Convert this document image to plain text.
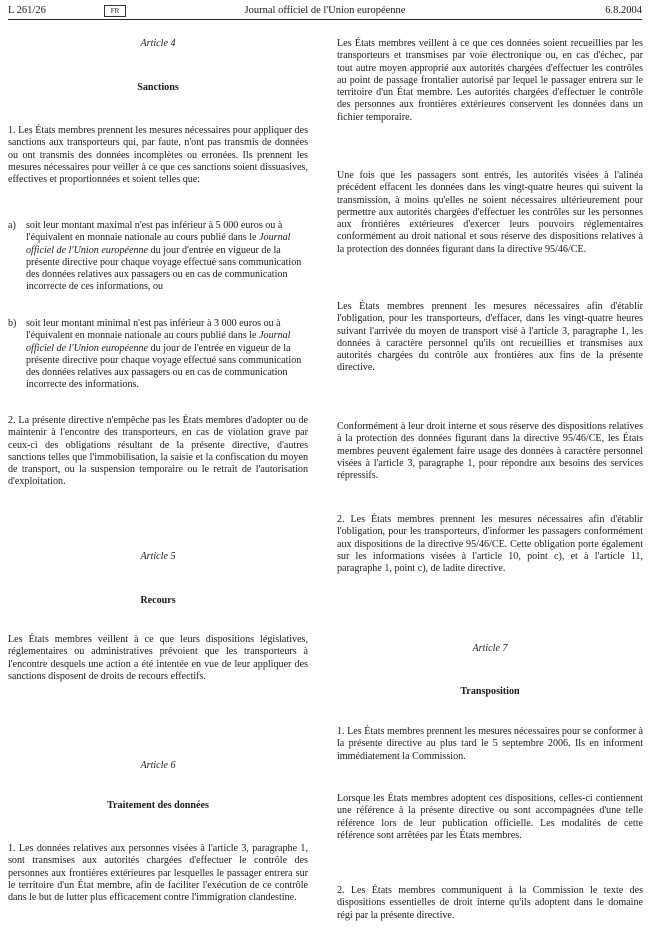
L 261/26	FR	Journal officiel de l'Union européenne	6.8.2004
Article 4
Sanctions

1. Les États membres prennent les mesures nécessaires pour appliquer des sanctions aux transporteurs qui, par faute, n'ont pas transmis de données ou ont transmis des données incomplètes ou erronées. Ils prennent les mesures nécessaires pour veiller à ce que ces sanctions soient dissuasives, effectives et proportionnées et soient telles que:

a) soit leur montant maximal n'est pas inférieur à 5 000 euros ou à l'équivalent en monnaie nationale au cours publié dans le Journal officiel de l'Union européenne du jour d'entrée en vigueur de la présente directive pour chaque voyage effectué sans communication des données relatives aux passagers ou en cas de communication incorrecte de ces informations, ou
b) soit leur montant minimal n'est pas inférieur à 3 000 euros ou à l'équivalent en monnaie nationale au cours publié dans le Journal officiel de l'Union européenne du jour de l'entrée en vigueur de la présente directive pour chaque voyage effectué sans communication des données relatives aux passagers ou en cas de communication incorrecte des informations.

2. La présente directive n'empêche pas les États membres d'adopter ou de maintenir à l'encontre des transporteurs, en cas de violation grave par ceux-ci des obligations résultant de la présente directive, d'autres sanctions telles que l'immobilisation, la saisie et la confiscation du moyen de transport, ou la suspension temporaire ou le retrait de l'autorisation d'exploitation.

Article 5
Recours

Les États membres veillent à ce que leurs dispositions législatives, réglementaires ou administratives prévoient que les transporteurs à l'encontre desquels une action a été intentée en vue de leur appliquer des sanctions disposent de droits de recours effectifs.

Article 6
Traitement des données

1. Les données relatives aux personnes visées à l'article 3, paragraphe 1, sont transmises aux autorités chargées d'effectuer le contrôle des personnes aux frontières extérieures par lesquelles le passager entrera sur le territoire d'un État membre, afin de faciliter l'exécution de ce contrôle dans le but de lutter plus efficacement contre l'immigration clandestine.

Les États membres veillent à ce que ces données soient recueillies par les transporteurs et transmises par voie électronique ou, en cas d'échec, par tout autre moyen approprié aux autorités chargées d'effectuer les contrôles au point de passage frontalier autorisé par lequel le passager entrera sur le territoire d'un État membre. Les autorités chargées d'effectuer le contrôle des personnes aux frontières extérieures conservent les données dans un fichier temporaire.

Une fois que les passagers sont entrés, les autorités visées à l'alinéa précédent effacent les données dans les vingt-quatre heures qui suivent la transmission, à moins qu'elles ne soient nécessaires ultérieurement pour permettre aux autorités chargées d'effectuer les contrôles sur les personnes aux frontières extérieures d'exercer leurs pouvoirs réglementaires conformément au droit national et sous réserve des dispositions relatives à la protection des données figurant dans la directive 95/46/CE.

Les États membres prennent les mesures nécessaires afin d'établir l'obligation, pour les transporteurs, d'effacer, dans les vingt-quatre heures suivant l'arrivée du moyen de transport visé à l'article 3, paragraphe 1, les données à caractère personnel qu'ils ont recueillies et transmises aux autorités chargées du contrôle aux frontières aux fins de la présente directive.

Conformément à leur droit interne et sous réserve des dispositions relatives à la protection des données figurant dans la directive 95/46/CE, les États membres peuvent également faire usage des données à caractère personnel visées à l'article 3, paragraphe 1, pour répondre aux besoins des services répressifs.

2. Les États membres prennent les mesures nécessaires afin d'établir l'obligation, pour les transporteurs, d'informer les passagers conformément aux dispositions de la directive 95/46/CE. Cette obligation porte également sur les informations visées à l'article 10, point c), et à l'article 11, paragraphe 1, point c), de ladite directive.

Article 7
Transposition

1. Les États membres prennent les mesures nécessaires pour se conformer à la présente directive au plus tard le 5 septembre 2006. Ils en informent immédiatement la Commission.

Lorsque les États membres adoptent ces dispositions, celles-ci contiennent une référence à la présente directive ou sont accompagnées d'une telle référence lors de leur publication officielle. Les modalités de cette référence sont arrêtées par les États membres.

2. Les États membres communiquent à la Commission le texte des dispositions essentielles de droit interne qu'ils adoptent dans le domaine régi par la présente directive.
